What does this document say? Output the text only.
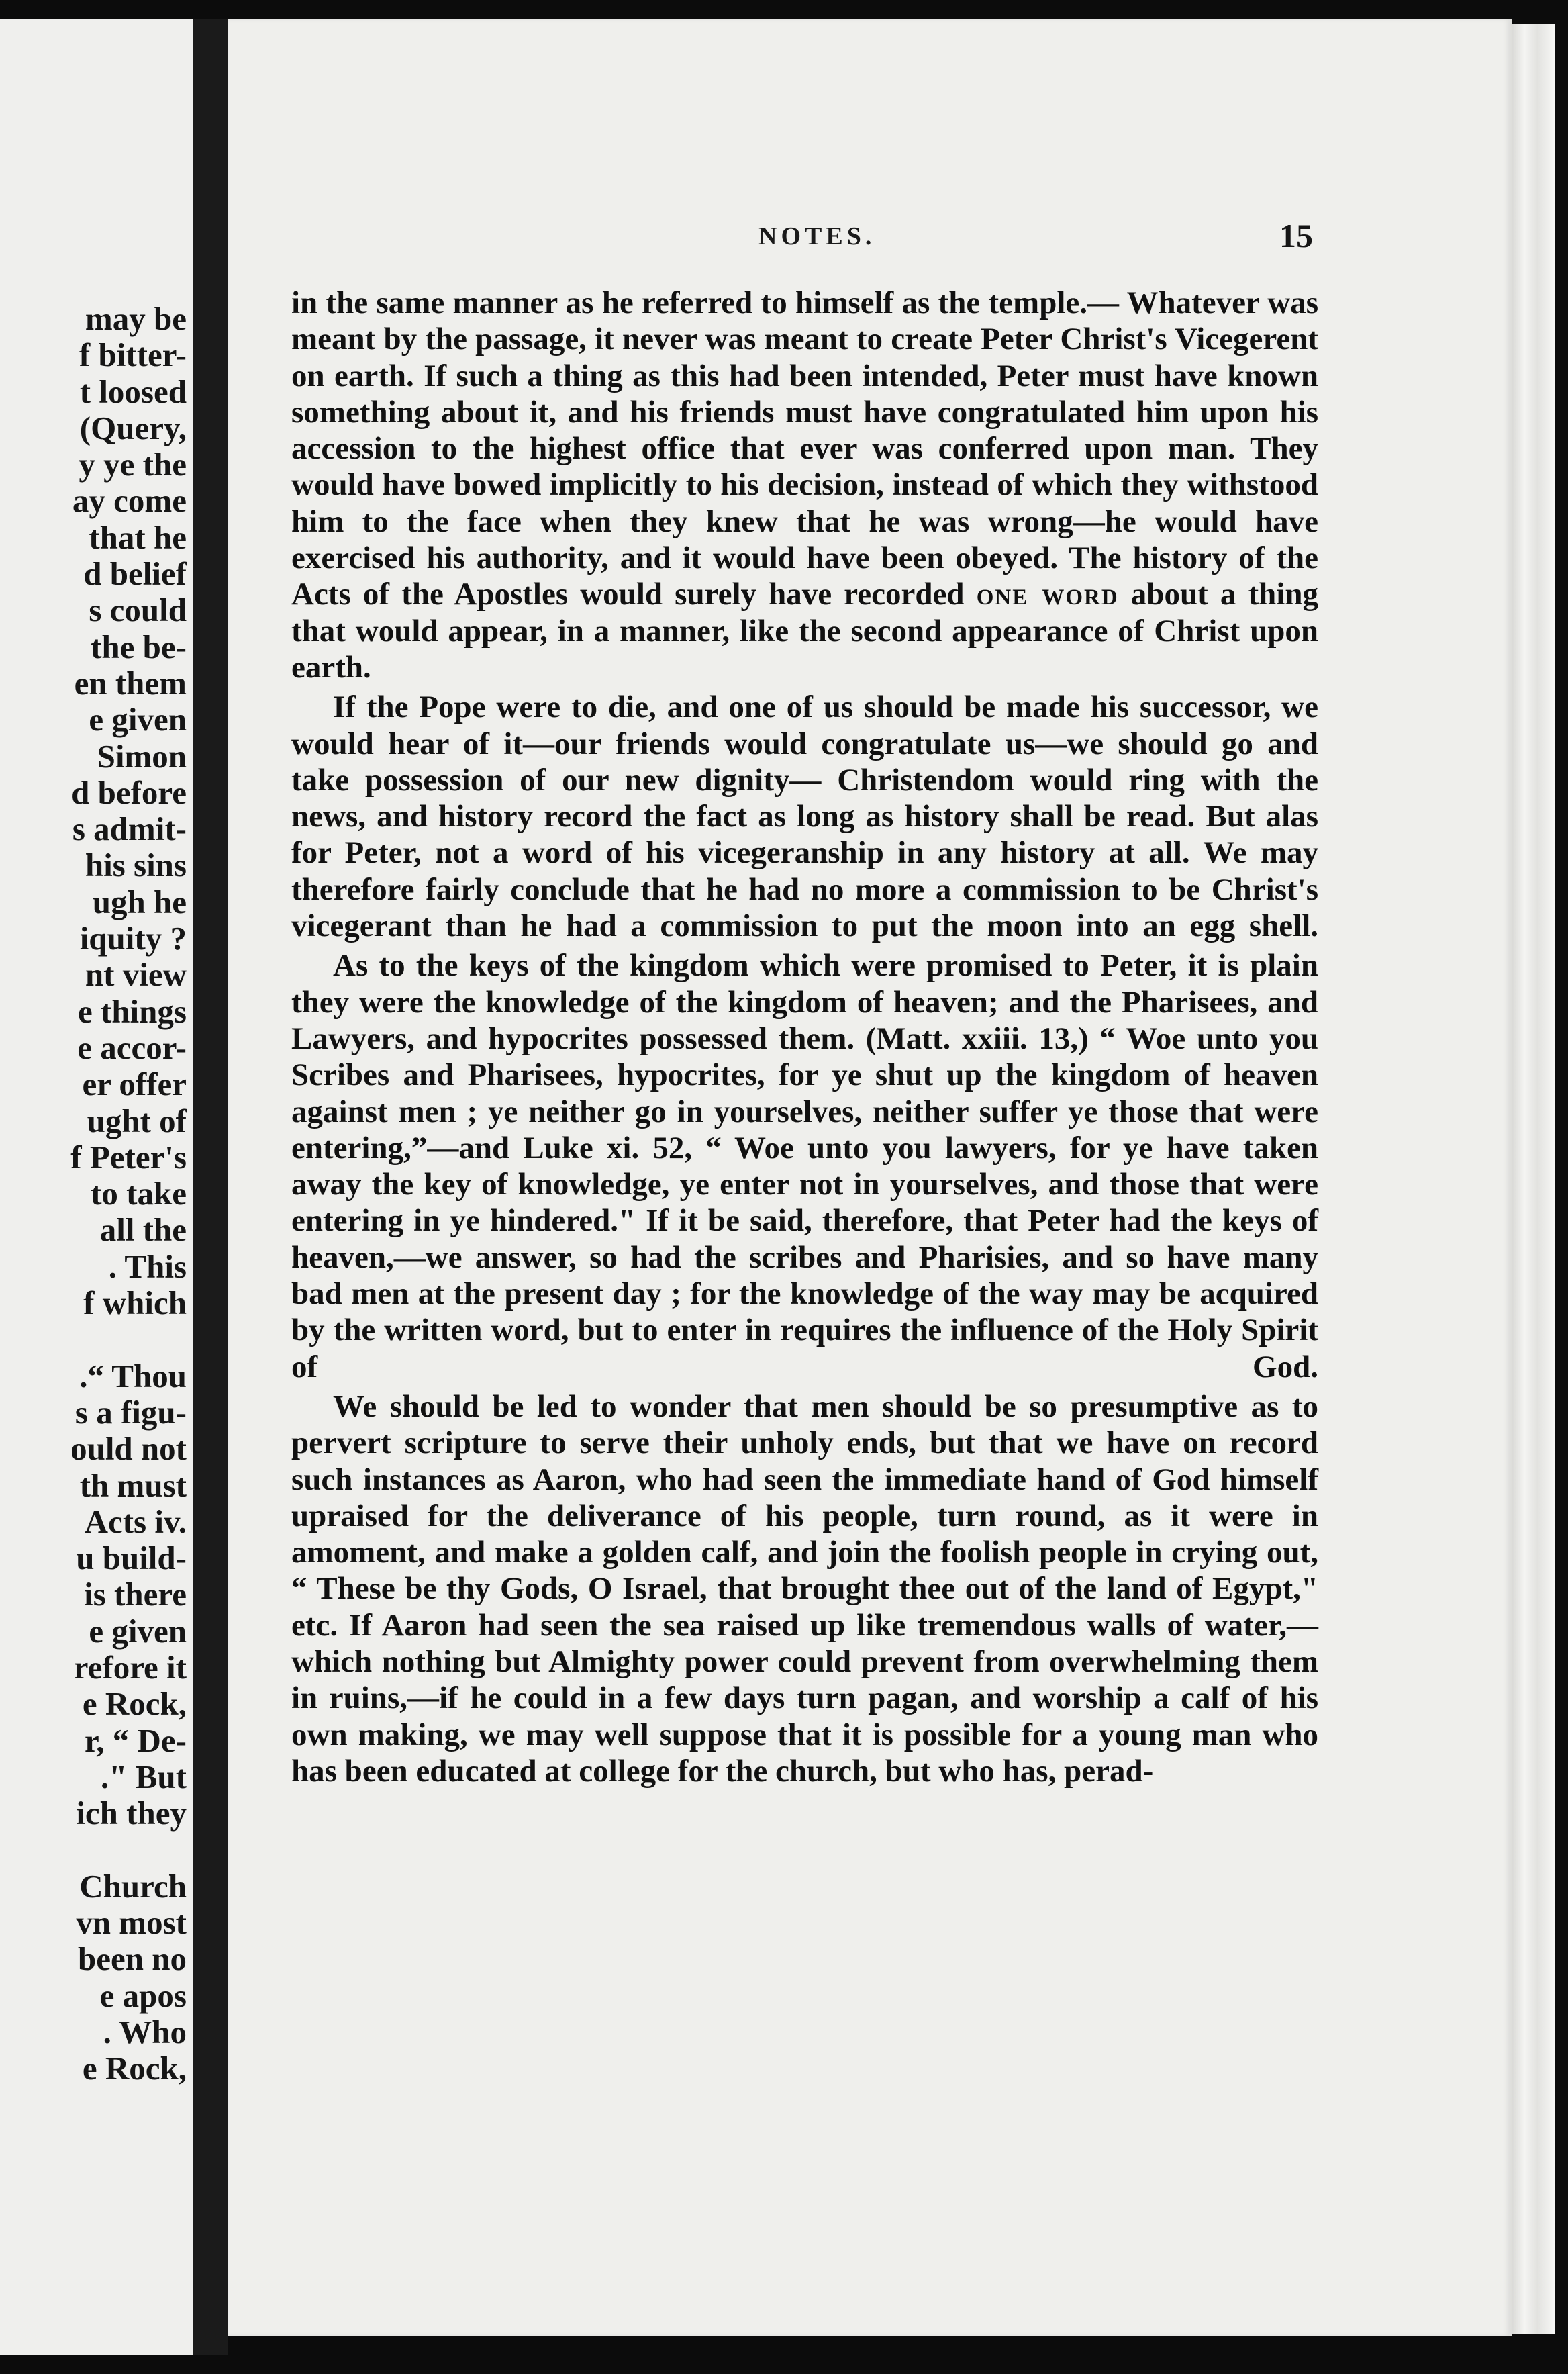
may be
f bitter-
t loosed
(Query,
y ye the
ay come
that he
d belief
s could
the be-
en them
e given
Simon
d before
s admit-
his sins
ugh he
iquity ?
nt view
e things
e accor-
er offer
ught of
f Peter's
to take
all the
. This
f which
.“ Thou
s a figu-
ould not
th must
Acts iv.
u build-
is there
e given
refore it
e Rock,
r, “ De-
." But
ich they
Church
vn most
been no
e apos
. Who
e Rock,
NOTES.	15

in the same manner as he referred to himself as the temple.— Whatever was meant by the passage, it never was meant to create Peter Christ's Vicegerent on earth. If such a thing as this had been intended, Peter must have known something about it, and his friends must have congratulated him upon his accession to the highest office that ever was conferred upon man. They would have bowed implicitly to his decision, instead of which they withstood him to the face when they knew that he was wrong—he would have exercised his authority, and it would have been obeyed. The history of the Acts of the Apostles would surely have recorded one word about a thing that would appear, in a manner, like the second appearance of Christ upon earth.

If the Pope were to die, and one of us should be made his successor, we would hear of it—our friends would congratulate us—we should go and take possession of our new dignity— Christendom would ring with the news, and history record the fact as long as history shall be read. But alas for Peter, not a word of his vicegeranship in any history at all. We may therefore fairly conclude that he had no more a commission to be Christ's vicegerant than he had a commission to put the moon into an egg shell.

As to the keys of the kingdom which were promised to Peter, it is plain they were the knowledge of the kingdom of heaven; and the Pharisees, and Lawyers, and hypocrites possessed them. (Matt. xxiii. 13,) “ Woe unto you Scribes and Pharisees, hypocrites, for ye shut up the kingdom of heaven against men ; ye neither go in yourselves, neither suffer ye those that were entering,”—and Luke xi. 52, “ Woe unto you lawyers, for ye have taken away the key of knowledge, ye enter not in yourselves, and those that were entering in ye hindered." If it be said, therefore, that Peter had the keys of heaven,—we answer, so had the scribes and Pharisies, and so have many bad men at the present day ; for the knowledge of the way may be acquired by the written word, but to enter in requires the influence of the Holy Spirit of God.

We should be led to wonder that men should be so presumptive as to pervert scripture to serve their unholy ends, but that we have on record such instances as Aaron, who had seen the immediate hand of God himself upraised for the deliverance of his people, turn round, as it were in amoment, and make a golden calf, and join the foolish people in crying out, “ These be thy Gods, O Israel, that brought thee out of the land of Egypt," etc. If Aaron had seen the sea raised up like tremendous walls of water,—which nothing but Almighty power could prevent from overwhelming them in ruins,—if he could in a few days turn pagan, and worship a calf of his own making, we may well suppose that it is possible for a young man who has been educated at college for the church, but who has, perad-
